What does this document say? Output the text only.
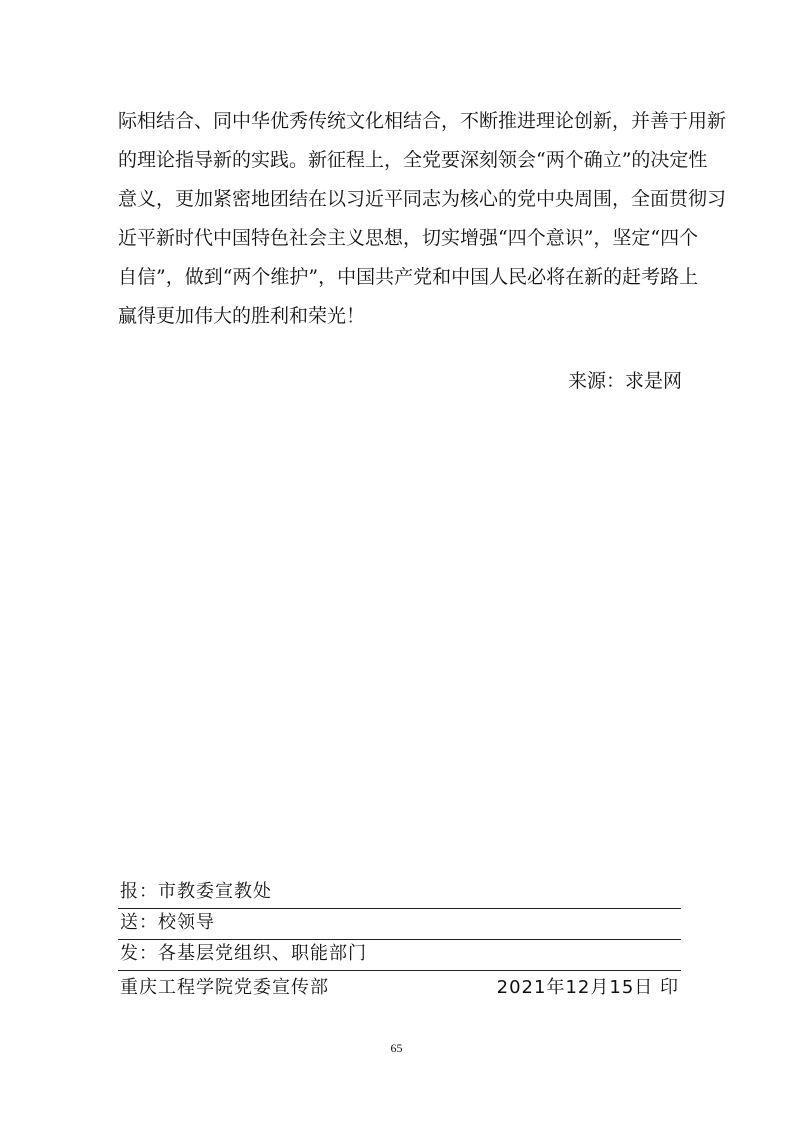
际相结合、同中华优秀传统文化相结合，不断推进理论创新，并善于用新
的理论指导新的实践。新征程上，全党要深刻领会“两个确立”的决定性
意义，更加紧密地团结在以习近平同志为核心的党中央周围，全面贯彻习
近平新时代中国特色社会主义思想，切实增强“四个意识”，坚定“四个
自信”，做到“两个维护”，中国共产党和中国人民必将在新的赶考路上
赢得更加伟大的胜利和荣光！
来源：求是网
报：市教委宣教处
送：校领导
发：各基层党组织、职能部门
重庆工程学院党委宣传部	2021年12月15日 印
65
